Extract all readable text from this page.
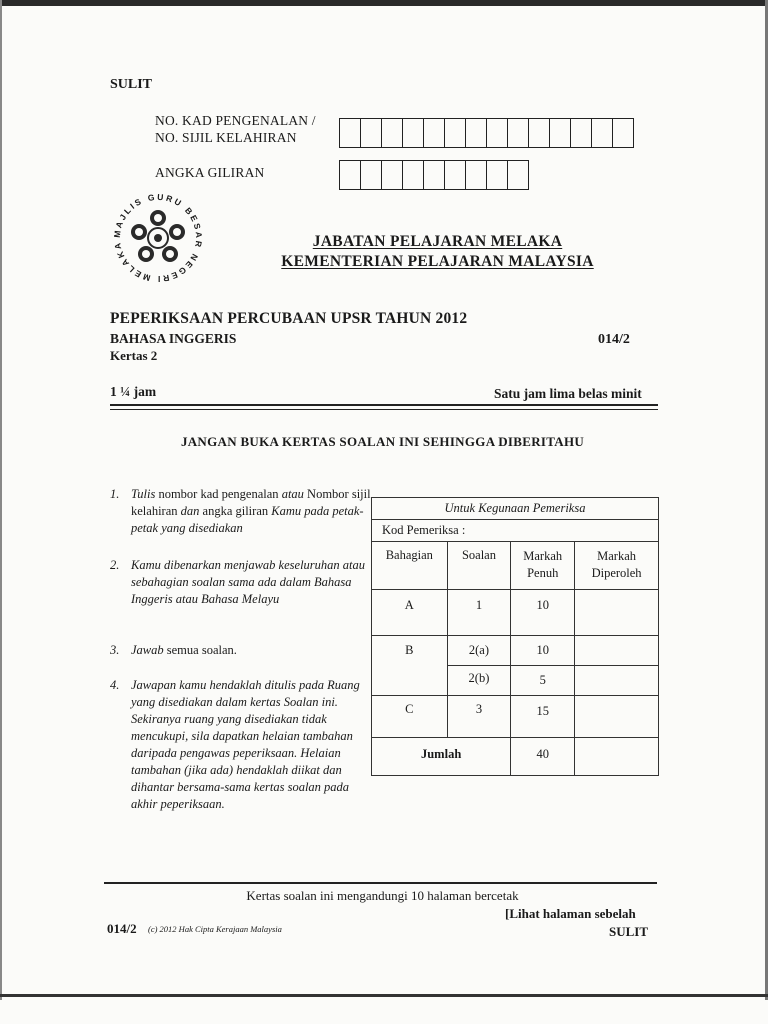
SULIT
NO. KAD PENGENALAN /
NO. SIJIL KELAHIRAN
ANGKA GILIRAN
MAJLIS GURU BESAR NEGERI MELAKA	JABATAN PELAJARAN MELAKA
KEMENTERIAN PELAJARAN MALAYSIA
PEPERIKSAAN PERCUBAAN UPSR TAHUN 2012
BAHASA INGGERIS	014/2
Kertas 2
1 ¼ jam	Satu jam lima belas minit
JANGAN BUKA KERTAS SOALAN INI SEHINGGA DIBERITAHU
1. Tulis nombor kad pengenalan atau Nombor sijil kelahiran dan angka giliran Kamu pada petak-petak yang disediakan
2. Kamu dibenarkan menjawab keseluruhan atau sebahagian soalan sama ada dalam Bahasa Inggeris atau Bahasa Melayu
3. Jawab semua soalan.
4. Jawapan kamu hendaklah ditulis pada Ruang yang disediakan dalam kertas Soalan ini. Sekiranya ruang yang disediakan tidak mencukupi, sila dapatkan helaian tambahan daripada pengawas peperiksaan. Helaian tambahan (jika ada) hendaklah diikat dan dihantar bersama-sama kertas soalan pada akhir peperiksaan.
Untuk Kegunaan Pemeriksa			
Kod Pemeriksa :			
Bahagian	Soalan	Markah Penuh	Markah Diperoleh
A	1	10	
B	2(a)	10	
	2(b)	5	
C	3	15	
Jumlah		40	
Kertas soalan ini mengandungi 10 halaman bercetak
[Lihat halaman sebelah
014/2 (c) 2012 Hak Cipta Kerajaan Malaysia	SULIT
